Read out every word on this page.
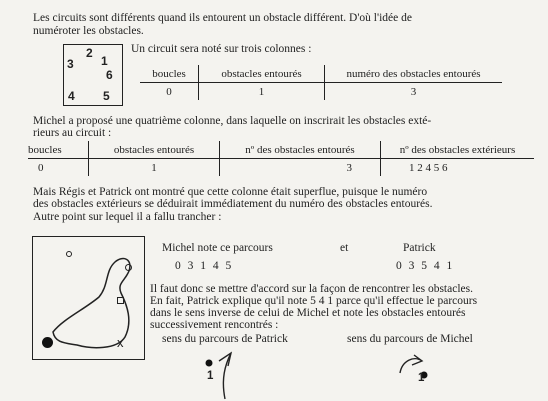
Les circuits sont différents quand ils entourent un obstacle différent. D'où l'idée de
numéroter les obstacles.
2
1
3
6
4 5
Un circuit sera noté sur trois colonnes :
boucles	obstacles entourés	numéro des obstacles entourés
0	1	3
Michel a proposé une quatrième colonne, dans laquelle on inscrirait les obstacles exté-
rieurs au circuit :
boucles	obstacles entourés	nº des obstacles entourés	nº des obstacles extérieurs
0	1	3	1 2 4 5 6
Mais Régis et Patrick ont montré que cette colonne était superflue, puisque le numéro
des obstacles extérieurs se déduirait immédiatement du numéro des obstacles entourés.
Autre point sur lequel il a fallu trancher :
x
Michel note ce parcours	et	Patrick
0 3 1 4 5	0 3 5 4 1
Il faut donc se mettre d'accord sur la façon de rencontrer les obstacles.
En fait, Patrick explique qu'il note 5 4 1 parce qu'il effectue le parcours
dans le sens inverse de celui de Michel et note les obstacles entourés
successivement rencontrés :
sens du parcours de Patrick	sens du parcours de Michel
1	1
